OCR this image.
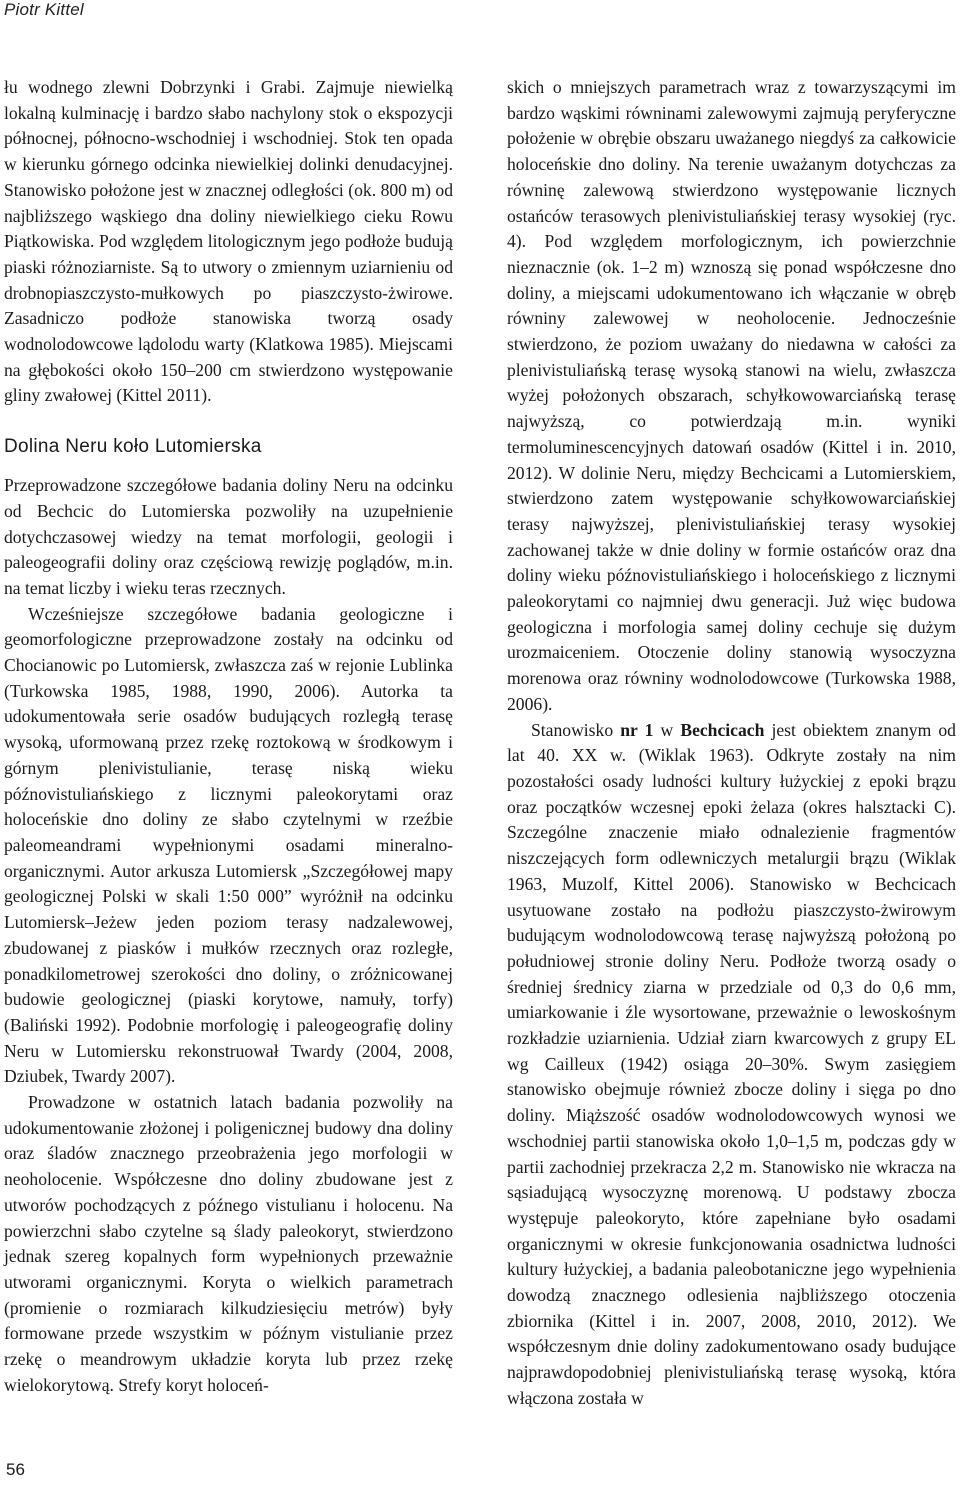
Piotr Kittel

łu wodnego zlewni Dobrzynki i Grabi. Zajmuje niewielką lokalną kulminację i bardzo słabo nachylony stok o ekspozycji północnej, północno-wschodniej i wschodniej. Stok ten opada w kierunku górnego odcinka niewielkiej dolinki denudacyjnej. Stanowisko położone jest w znacznej odległości (ok. 800 m) od najbliższego wąskiego dna doliny niewielkiego cieku Rowu Piątkowiska. Pod względem litologicznym jego podłoże budują piaski różnoziarniste. Są to utwory o zmiennym uziarnieniu od drobnopiaszczysto-mułkowych po piaszczysto-żwirowe. Zasadniczo podłoże stanowiska tworzą osady wodnolodowcowe lądolodu warty (Klatkowa 1985). Miejscami na głębokości około 150–200 cm stwierdzono występowanie gliny zwałowej (Kittel 2011).

Dolina Neru koło Lutomierska

Przeprowadzone szczegółowe badania doliny Neru na odcinku od Bechcic do Lutomierska pozwoliły na uzupełnienie dotychczasowej wiedzy na temat morfologii, geologii i paleogeografii doliny oraz częściową rewizję poglądów, m.in. na temat liczby i wieku teras rzecznych.

Wcześniejsze szczegółowe badania geologiczne i geomorfologiczne przeprowadzone zostały na odcinku od Chocianowic po Lutomiersk, zwłaszcza zaś w rejonie Lublinka (Turkowska 1985, 1988, 1990, 2006). Autorka ta udokumentowała serie osadów budujących rozległą terasę wysoką, uformowaną przez rzekę roztokową w środkowym i górnym plenivistulianie, terasę niską wieku późnovistuliańskiego z licznymi paleokorytami oraz holoceńskie dno doliny ze słabo czytelnymi w rzeźbie paleomeandrami wypełnionymi osadami mineralno-organicznymi. Autor arkusza Lutomiersk „Szczegółowej mapy geologicznej Polski w skali 1:50 000” wyróżnił na odcinku Lutomiersk–Jeżew jeden poziom terasy nadzalewowej, zbudowanej z piasków i mułków rzecznych oraz rozległe, ponadkilometrowej szerokości dno doliny, o zróżnicowanej budowie geologicznej (piaski korytowe, namuły, torfy) (Baliński 1992). Podobnie morfologię i paleogeografię doliny Neru w Lutomiersku rekonstruował Twardy (2004, 2008, Dziubek, Twardy 2007).

Prowadzone w ostatnich latach badania pozwoliły na udokumentowanie złożonej i poligenicznej budowy dna doliny oraz śladów znacznego przeobrażenia jego morfologii w neoholocenie. Współczesne dno doliny zbudowane jest z utworów pochodzących z późnego vistulianu i holocenu. Na powierzchni słabo czytelne są ślady paleokoryt, stwierdzono jednak szereg kopalnych form wypełnionych przeważnie utworami organicznymi. Koryta o wielkich parametrach (promienie o rozmiarach kilkudziesięciu metrów) były formowane przede wszystkim w późnym vistulianie przez rzekę o meandrowym układzie koryta lub przez rzekę wielokorytową. Strefy koryt holoceń-

skich o mniejszych parametrach wraz z towarzyszącymi im bardzo wąskimi równinami zalewowymi zajmują peryferyczne położenie w obrębie obszaru uważanego niegdyś za całkowicie holoceńskie dno doliny. Na terenie uważanym dotychczas za równinę zalewową stwierdzono występowanie licznych ostańców terasowych plenivistuliańskiej terasy wysokiej (ryc. 4). Pod względem morfologicznym, ich powierzchnie nieznacznie (ok. 1–2 m) wznoszą się ponad współczesne dno doliny, a miejscami udokumentowano ich włączanie w obręb równiny zalewowej w neoholocenie. Jednocześnie stwierdzono, że poziom uważany do niedawna w całości za plenivistuliańską terasę wysoką stanowi na wielu, zwłaszcza wyżej położonych obszarach, schyłkowowarciańską terasę najwyższą, co potwierdzają m.in. wyniki termoluminescencyjnych datowań osadów (Kittel i in. 2010, 2012). W dolinie Neru, między Bechcicami a Lutomierskiem, stwierdzono zatem występowanie schyłkowowarciańskiej terasy najwyższej, plenivistuliańskiej terasy wysokiej zachowanej także w dnie doliny w formie ostańców oraz dna doliny wieku późnovistuliańskiego i holoceńskiego z licznymi paleokorytami co najmniej dwu generacji. Już więc budowa geologiczna i morfologia samej doliny cechuje się dużym urozmaiceniem. Otoczenie doliny stanowią wysoczyzna morenowa oraz równiny wodnolodowcowe (Turkowska 1988, 2006).

Stanowisko nr 1 w Bechcicach jest obiektem znanym od lat 40. XX w. (Wiklak 1963). Odkryte zostały na nim pozostałości osady ludności kultury łużyckiej z epoki brązu oraz początków wczesnej epoki żelaza (okres halsztacki C). Szczególne znaczenie miało odnalezienie fragmentów niszczejących form odlewniczych metalurgii brązu (Wiklak 1963, Muzolf, Kittel 2006). Stanowisko w Bechcicach usytuowane zostało na podłożu piaszczysto-żwirowym budującym wodnolodowcową terasę najwyższą położoną po południowej stronie doliny Neru. Podłoże tworzą osady o średniej średnicy ziarna w przedziale od 0,3 do 0,6 mm, umiarkowanie i źle wysortowane, przeważnie o lewoskośnym rozkładzie uziarnienia. Udział ziarn kwarcowych z grupy EL wg Cailleux (1942) osiąga 20–30%. Swym zasięgiem stanowisko obejmuje również zbocze doliny i sięga po dno doliny. Miąższość osadów wodnolodowcowych wynosi we wschodniej partii stanowiska około 1,0–1,5 m, podczas gdy w partii zachodniej przekracza 2,2 m. Stanowisko nie wkracza na sąsiadującą wysoczyznę morenową. U podstawy zbocza występuje paleokoryto, które zapełniane było osadami organicznymi w okresie funkcjonowania osadnictwa ludności kultury łużyckiej, a badania paleobotaniczne jego wypełnienia dowodzą znacznego odlesienia najbliższego otoczenia zbiornika (Kittel i in. 2007, 2008, 2010, 2012). We współczesnym dnie doliny zadokumentowano osady budujące najprawdopodobniej plenivistuliańską terasę wysoką, która włączona została w

56
